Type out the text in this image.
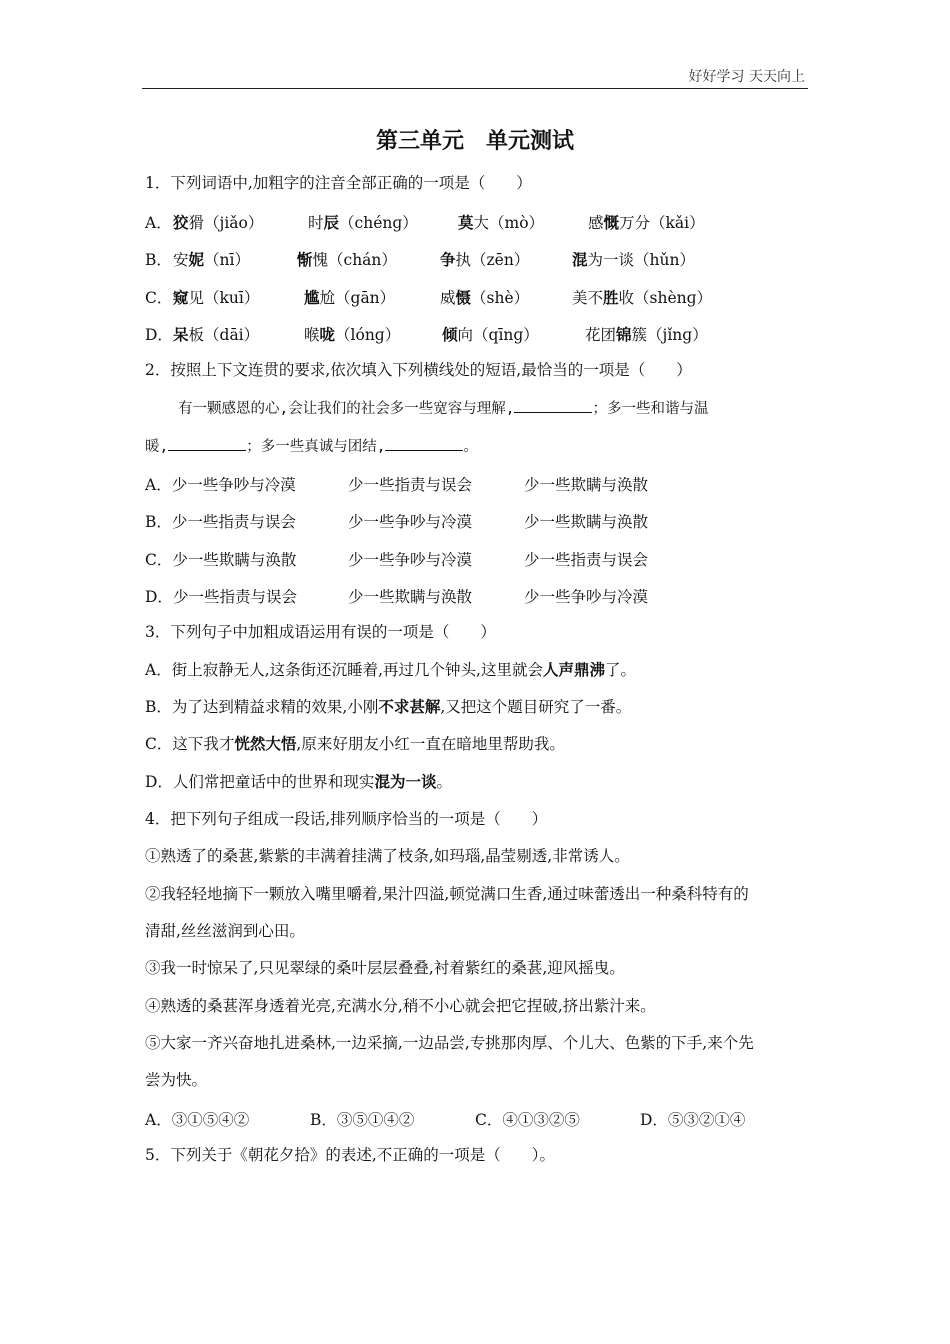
好好学习 天天向上
第三单元　单元测试
1．下列词语中,加粗字的注音全部正确的一项是（　　）
A． 狡猾（jiǎo）	时辰（chénɡ）	莫大（mò）	感慨万分（kǎi）
B． 安妮（nī）	惭愧（chán）	争执（zēn）	混为一谈（hǔn）
C． 窥见（kuī）	尴尬（gān）	威慑（shè）	美不胜收（shènɡ）
D． 呆板（dāi）	喉咙（lónɡ）	倾向（qīnɡ）	花团锦簇（jǐnɡ）
2．按照上下文连贯的要求,依次填入下列横线处的短语,最恰当的一项是（　　）
有一颗感恩的心,会让我们的社会多一些宽容与理解,	；多一些和谐与温
暖,	；多一些真诚与团结,	。
A．少一些争吵与冷漠	少一些指责与误会	少一些欺瞒与涣散
B．少一些指责与误会	少一些争吵与冷漠	少一些欺瞒与涣散
C．少一些欺瞒与涣散	少一些争吵与冷漠	少一些指责与误会
D．少一些指责与误会	少一些欺瞒与涣散	少一些争吵与冷漠
3．下列句子中加粗成语运用有误的一项是（　　）
A．街上寂静无人,这条街还沉睡着,再过几个钟头,这里就会人声鼎沸了。
B．为了达到精益求精的效果,小刚不求甚解,又把这个题目研究了一番。
C．这下我才恍然大悟,原来好朋友小红一直在暗地里帮助我。
D．人们常把童话中的世界和现实混为一谈。
4．把下列句子组成一段话,排列顺序恰当的一项是（　　）
①熟透了的桑葚,紫紫的丰满着挂满了枝条,如玛瑙,晶莹剔透,非常诱人。
②我轻轻地摘下一颗放入嘴里嚼着,果汁四溢,顿觉满口生香,通过味蕾透出一种桑科特有的
清甜,丝丝滋润到心田。
③我一时惊呆了,只见翠绿的桑叶层层叠叠,衬着紫红的桑葚,迎风摇曳。
④熟透的桑葚浑身透着光亮,充满水分,稍不小心就会把它捏破,挤出紫汁来。
⑤大家一齐兴奋地扎进桑林,一边采摘,一边品尝,专挑那肉厚、个儿大、色紫的下手,来个先
尝为快。
A．③①⑤④②	B．③⑤①④②	C．④①③②⑤	D．⑤③②①④
5．下列关于《朝花夕拾》的表述,不正确的一项是（　　）。
